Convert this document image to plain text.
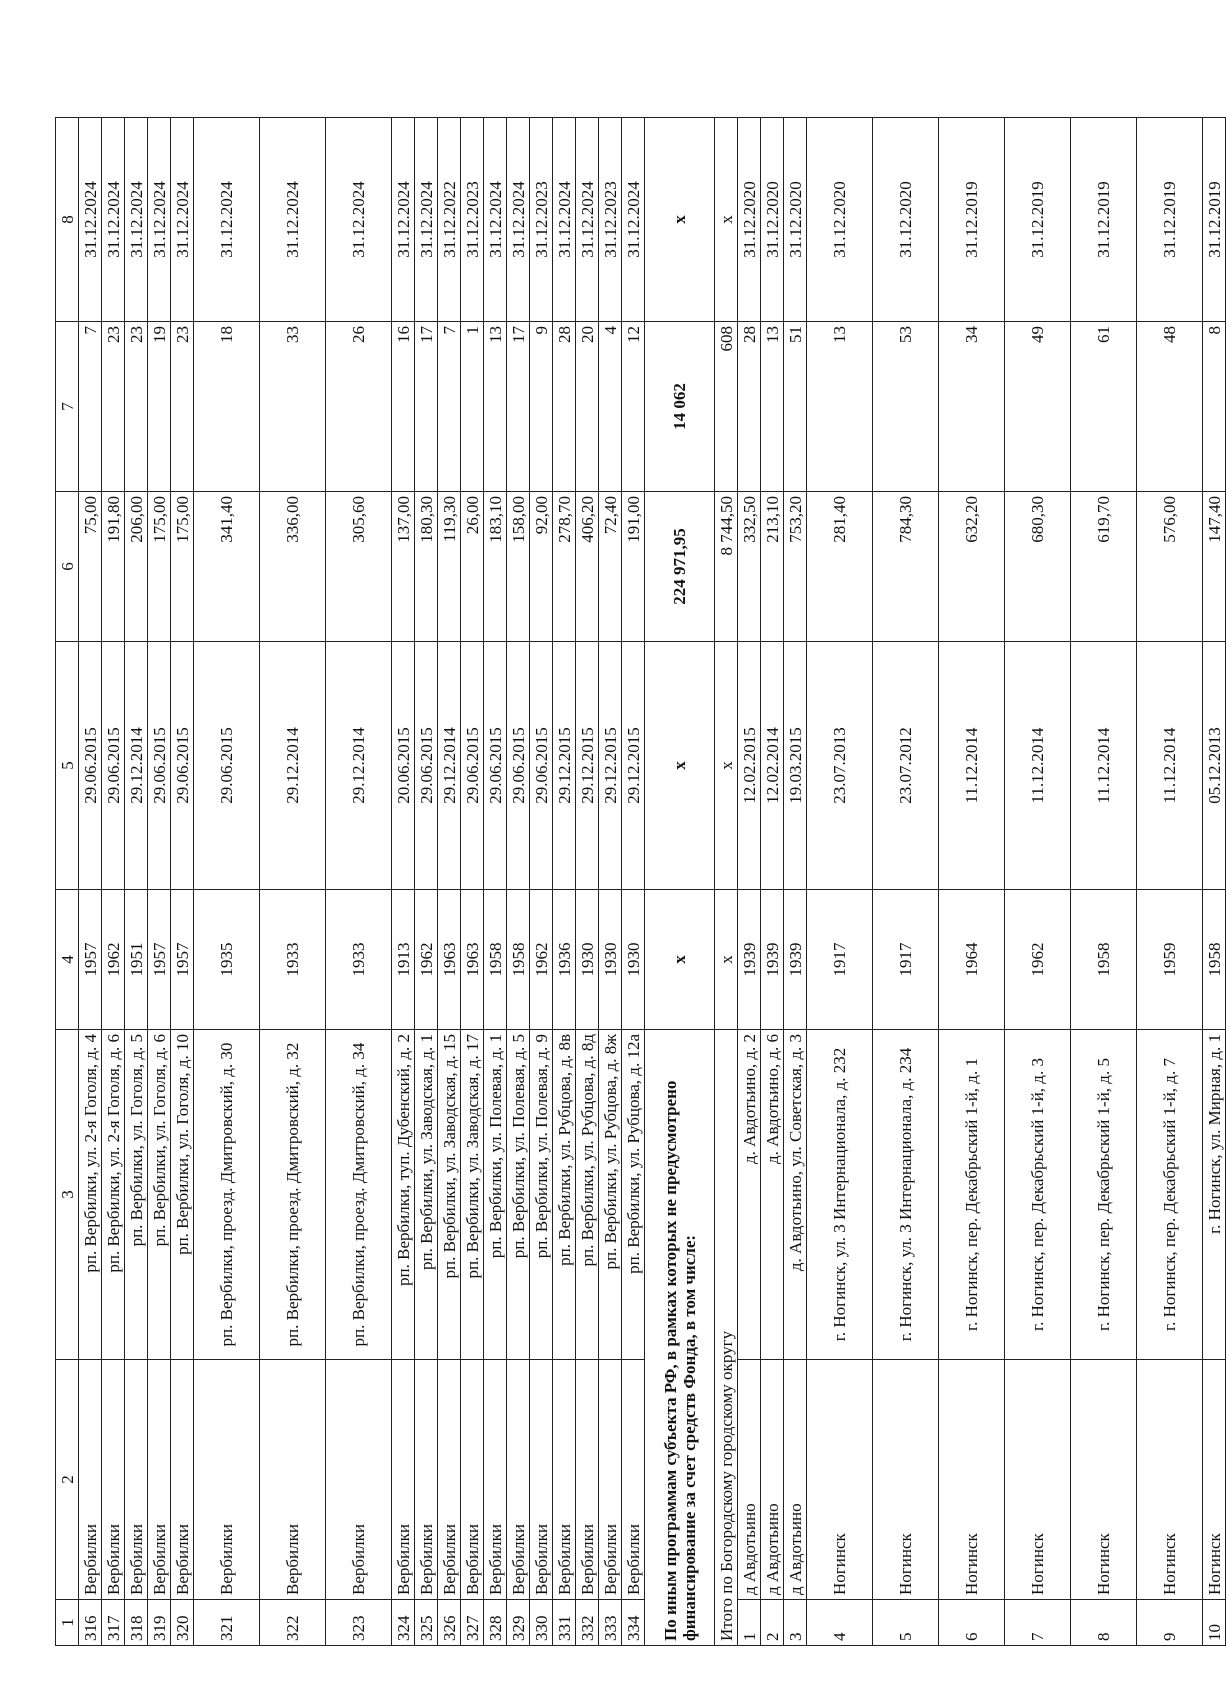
1	2	3	4	5	6	7	8
316	Вербилки	рп. Вербилки, ул. 2-я Гоголя, д. 4	1957	29.06.2015	75,00	7	31.12.2024
317	Вербилки	рп. Вербилки, ул. 2-я Гоголя, д. 6	1962	29.06.2015	191,80	23	31.12.2024
318	Вербилки	рп. Вербилки, ул. Гоголя, д. 5	1951	29.12.2014	206,00	23	31.12.2024
319	Вербилки	рп. Вербилки, ул. Гоголя, д. 6	1957	29.06.2015	175,00	19	31.12.2024
320	Вербилки	рп. Вербилки, ул. Гоголя, д. 10	1957	29.06.2015	175,00	23	31.12.2024
321	Вербилки	рп. Вербилки, проезд. Дмитровский, д. 30	1935	29.06.2015	341,40	18	31.12.2024
322	Вербилки	рп. Вербилки, проезд. Дмитровский, д. 32	1933	29.12.2014	336,00	33	31.12.2024
323	Вербилки	рп. Вербилки, проезд. Дмитровский, д. 34	1933	29.12.2014	305,60	26	31.12.2024
324	Вербилки	рп. Вербилки, туп. Дубенский, д. 2	1913	20.06.2015	137,00	16	31.12.2024
325	Вербилки	рп. Вербилки, ул. Заводская, д. 1	1962	29.06.2015	180,30	17	31.12.2024
326	Вербилки	рп. Вербилки, ул. Заводская, д. 15	1963	29.12.2014	119,30	7	31.12.2022
327	Вербилки	рп. Вербилки, ул. Заводская, д. 17	1963	29.06.2015	26,00	1	31.12.2023
328	Вербилки	рп. Вербилки, ул. Полевая, д. 1	1958	29.06.2015	183,10	13	31.12.2024
329	Вербилки	рп. Вербилки, ул. Полевая, д. 5	1958	29.06.2015	158,00	17	31.12.2024
330	Вербилки	рп. Вербилки, ул. Полевая, д. 9	1962	29.06.2015	92,00	9	31.12.2023
331	Вербилки	рп. Вербилки, ул. Рубцова, д. 8в	1936	29.12.2015	278,70	28	31.12.2024
332	Вербилки	рп. Вербилки, ул. Рубцова, д. 8д	1930	29.12.2015	406,20	20	31.12.2024
333	Вербилки	рп. Вербилки, ул. Рубцова, д. 8ж	1930	29.12.2015	72,40	4	31.12.2023
334	Вербилки	рп. Вербилки, ул. Рубцова, д. 12а	1930	29.12.2015	191,00	12	31.12.2024
По иным программам субъекта РФ, в рамках которых не предусмотрено финансирование за счет средств Фонда, в том числе:			x	x	224 971,95	14 062	x
Итого по Богородскому городскому округу			x	x	8 744,50	608	x
1	д Авдотьино	д. Авдотьино, д. 2	1939	12.02.2015	332,50	28	31.12.2020
2	д Авдотьино	д. Авдотьино, д. 6	1939	12.02.2014	213,10	13	31.12.2020
3	д Авдотьино	д. Авдотьино, ул. Советская, д. 3	1939	19.03.2015	753,20	51	31.12.2020
4	Ногинск	г. Ногинск, ул. 3 Интернационала, д. 232	1917	23.07.2013	281,40	13	31.12.2020
5	Ногинск	г. Ногинск, ул. 3 Интернационала, д. 234	1917	23.07.2012	784,30	53	31.12.2020
6	Ногинск	г. Ногинск, пер. Декабрьский 1-й, д. 1	1964	11.12.2014	632,20	34	31.12.2019
7	Ногинск	г. Ногинск, пер. Декабрьский 1-й, д. 3	1962	11.12.2014	680,30	49	31.12.2019
8	Ногинск	г. Ногинск, пер. Декабрьский 1-й, д. 5	1958	11.12.2014	619,70	61	31.12.2019
9	Ногинск	г. Ногинск, пер. Декабрьский 1-й, д. 7	1959	11.12.2014	576,00	48	31.12.2019
10	Ногинск	г. Ногинск, ул. Мирная, д. 1	1958	05.12.2013	147,40	8	31.12.2019
